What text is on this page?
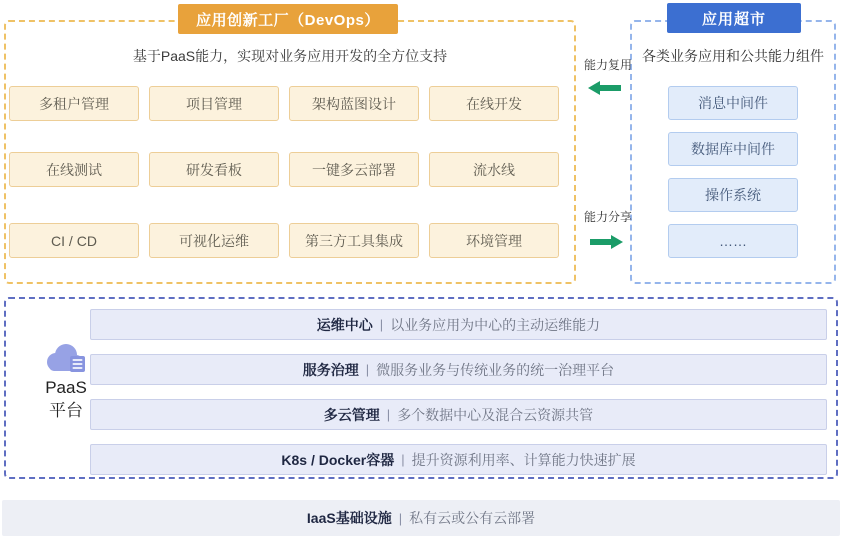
应用创新工厂（DevOps）
基于PaaS能力，实现对业务应用开发的全方位支持
多租户管理	项目管理	架构蓝图设计	在线开发
在线测试	研发看板	一键多云部署	流水线
CI / CD	可视化运维	第三方工具集成	环境管理
应用超市
各类业务应用和公共能力组件
消息中间件
数据库中间件
操作系统
……
能力复用
能力分享
PaaS
平台
运维中心 | 以业务应用为中心的主动运维能力
服务治理 | 微服务业务与传统业务的统一治理平台
多云管理 | 多个数据中心及混合云资源共管
K8s / Docker容器 | 提升资源利用率、计算能力快速扩展
IaaS基础设施 | 私有云或公有云部署
